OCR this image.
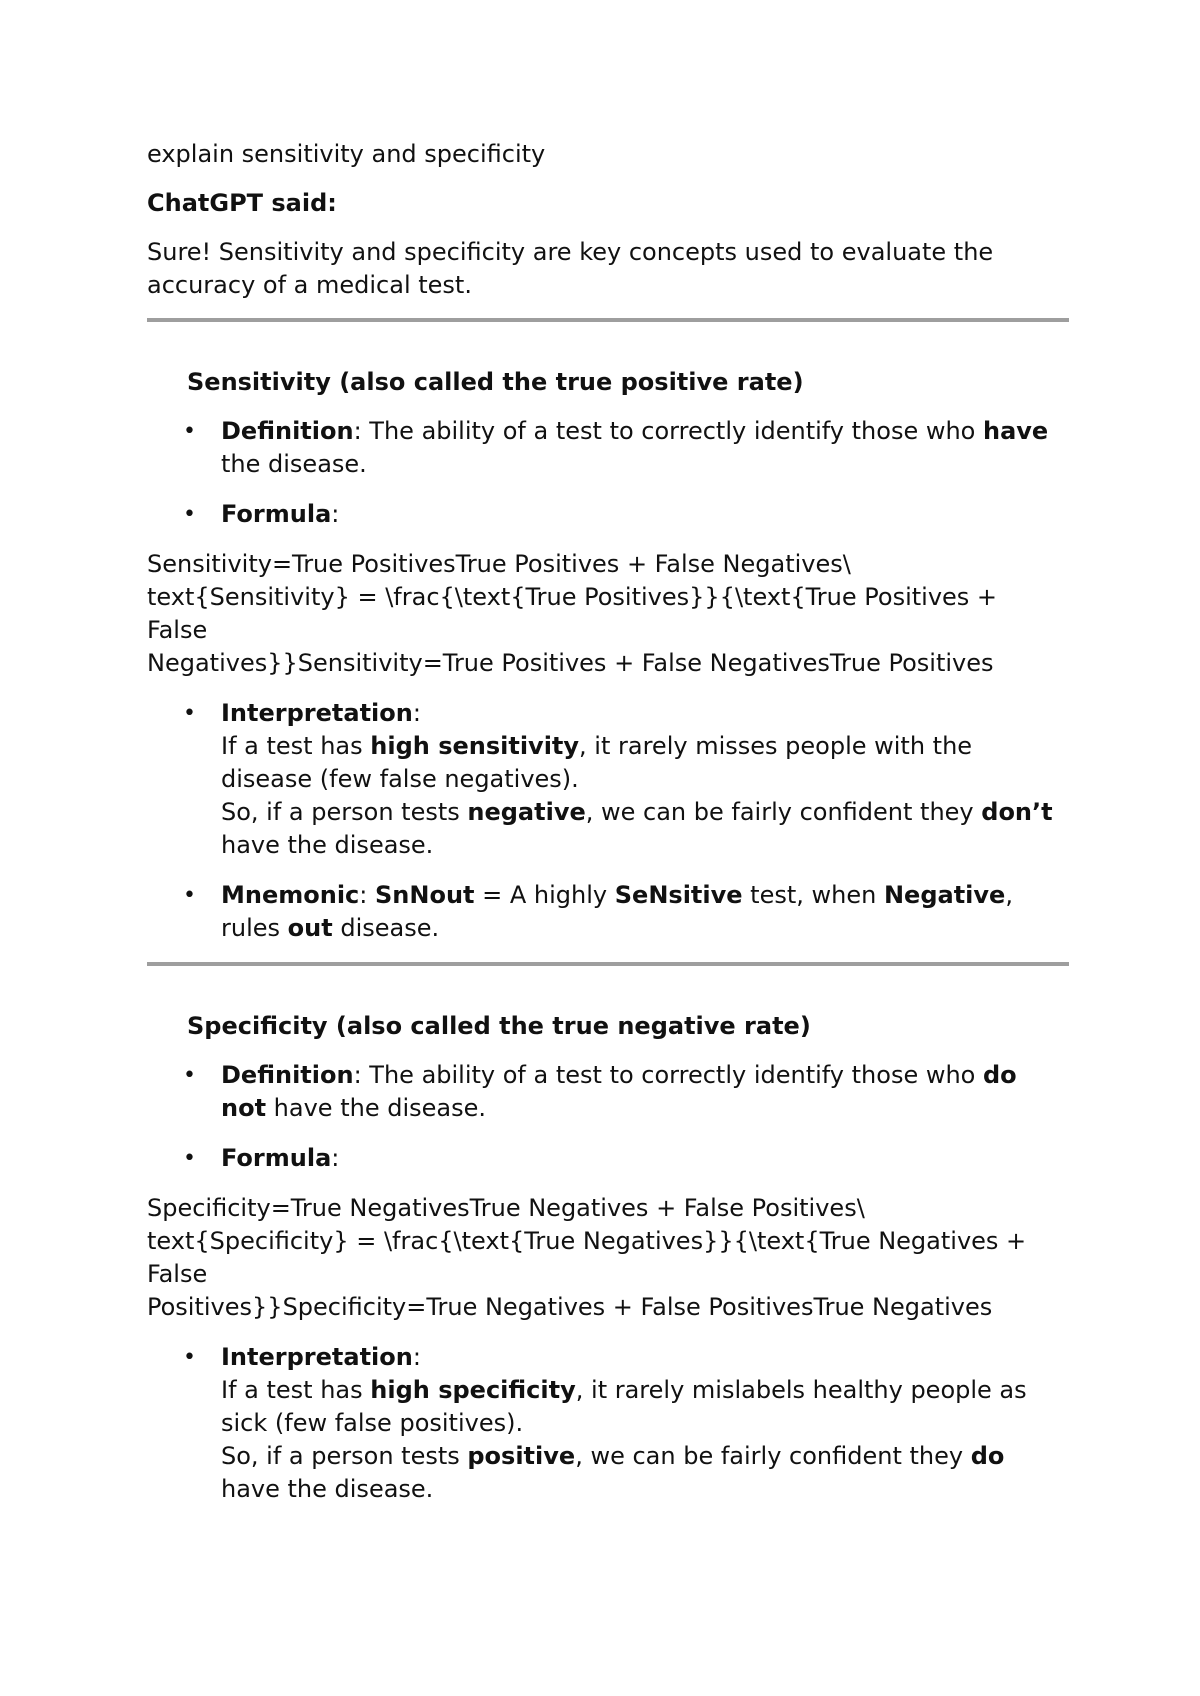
explain sensitivity and specificity

ChatGPT said:

Sure! Sensitivity and specificity are key concepts used to evaluate the accuracy of a medical test.

Sensitivity (also called the true positive rate)

• Definition: The ability of a test to correctly identify those who have the disease.
• Formula:

Sensitivity=True PositivesTrue Positives + False Negatives\

text{Sensitivity} = \frac{\text{True Positives}}{\text{True Positives +

False

Negatives}}Sensitivity=True Positives + False NegativesTrue Positives

• Interpretation:
If a test has high sensitivity, it rarely misses people with the disease (few false negatives).
So, if a person tests negative, we can be fairly confident they don’t have the disease.
• Mnemonic: SnNout = A highly SeNsitive test, when Negative, rules out disease.

Specificity (also called the true negative rate)

• Definition: The ability of a test to correctly identify those who do not have the disease.
• Formula:

Specificity=True NegativesTrue Negatives + False Positives\

text{Specificity} = \frac{\text{True Negatives}}{\text{True Negatives +

False

Positives}}Specificity=True Negatives + False PositivesTrue Negatives

• Interpretation:
If a test has high specificity, it rarely mislabels healthy people as sick (few false positives).
So, if a person tests positive, we can be fairly confident they do have the disease.
